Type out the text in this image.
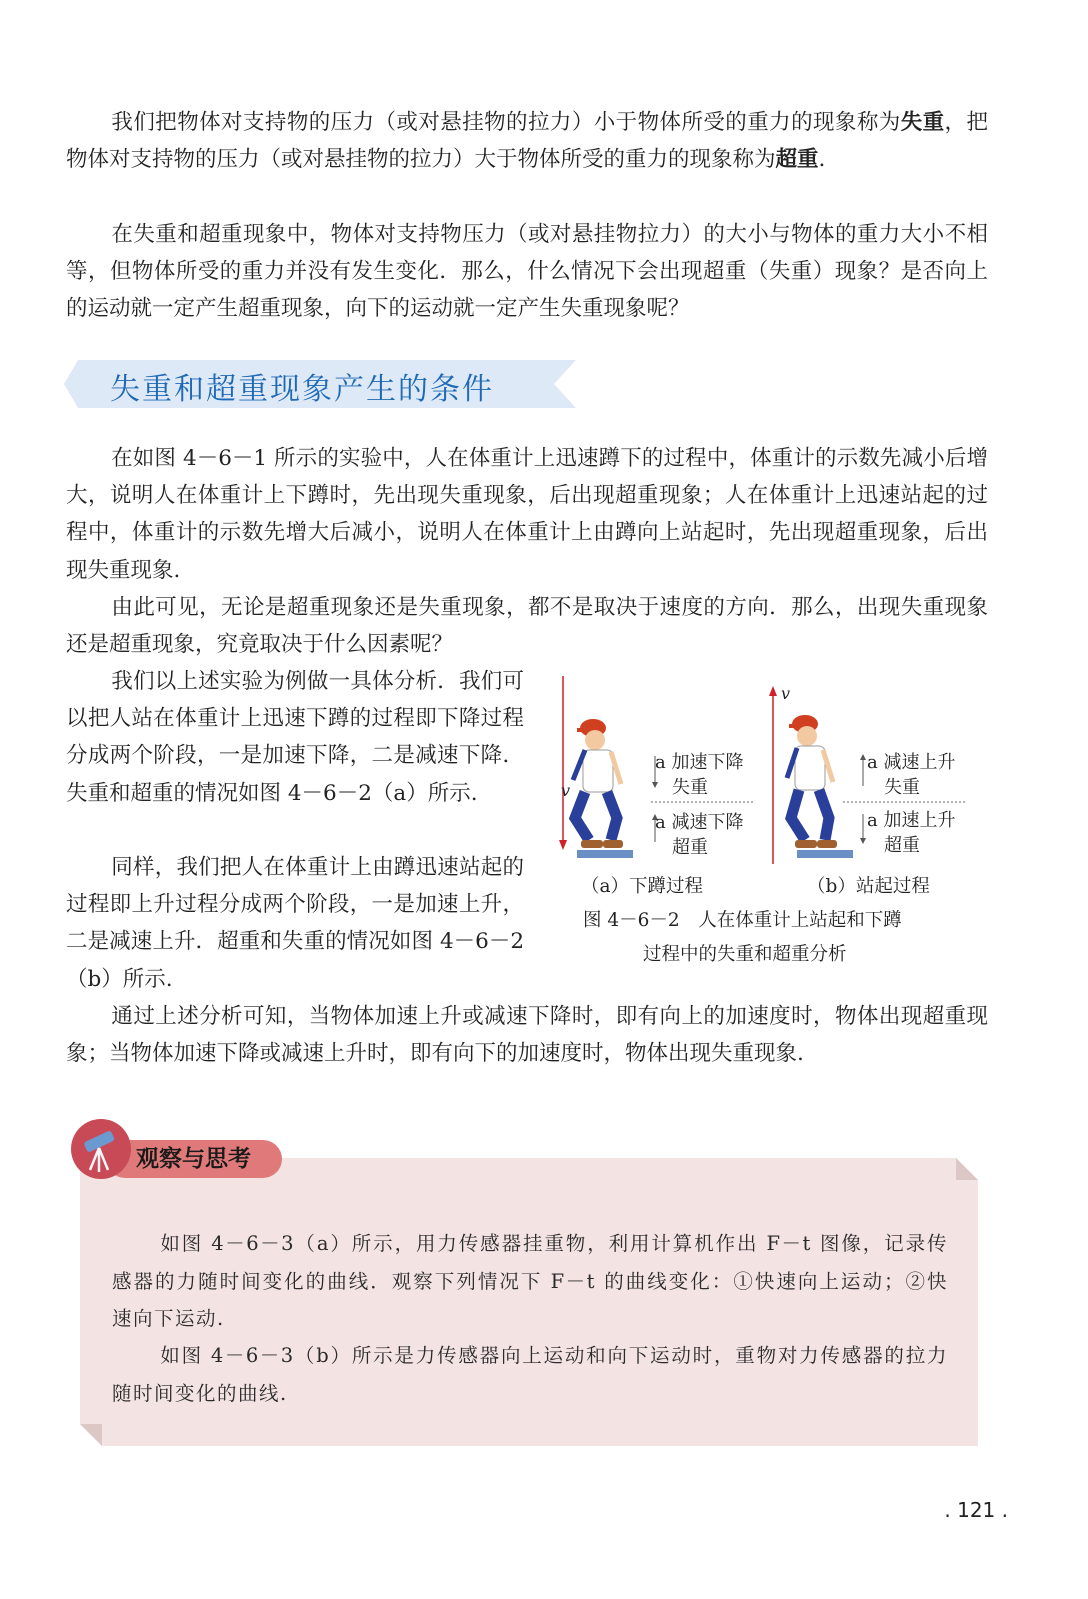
我们把物体对支持物的压力（或对悬挂物的拉力）小于物体所受的重力的现象称为失重，把物体对支持物的压力（或对悬挂物的拉力）大于物体所受的重力的现象称为超重.

在失重和超重现象中，物体对支持物压力（或对悬挂物拉力）的大小与物体的重力大小不相等，但物体所受的重力并没有发生变化．那么，什么情况下会出现超重（失重）现象？是否向上的运动就一定产生超重现象，向下的运动就一定产生失重现象呢？

失重和超重现象产生的条件

在如图 4－6－1 所示的实验中，人在体重计上迅速蹲下的过程中，体重计的示数先减小后增大，说明人在体重计上下蹲时，先出现失重现象，后出现超重现象；人在体重计上迅速站起的过程中，体重计的示数先增大后减小，说明人在体重计上由蹲向上站起时，先出现超重现象，后出现失重现象.

由此可见，无论是超重现象还是失重现象，都不是取决于速度的方向．那么，出现失重现象还是超重现象，究竟取决于什么因素呢？

我们以上述实验为例做一具体分析．我们可以把人站在体重计上迅速下蹲的过程即下降过程分成两个阶段，一是加速下降，二是减速下降．失重和超重的情况如图 4－6－2（a）所示.

同样，我们把人在体重计上由蹲迅速站起的过程即上升过程分成两个阶段，一是加速上升，二是减速上升．超重和失重的情况如图 4－6－2（b）所示.

v
v
a 加速下降
失重
a 减速下降
超重
a 减速上升
失重
a 加速上升
超重
（a）下蹲过程	（b）站起过程
图 4－6－2　人在体重计上站起和下蹲
过程中的失重和超重分析

通过上述分析可知，当物体加速上升或减速下降时，即有向上的加速度时，物体出现超重现象；当物体加速下降或减速上升时，即有向下的加速度时，物体出现失重现象.

观察与思考

如图 4－6－3（a）所示，用力传感器挂重物，利用计算机作出 F－t 图像，记录传感器的力随时间变化的曲线．观察下列情况下 F－t 的曲线变化：①快速向上运动；②快速向下运动.

如图 4－6－3（b）所示是力传感器向上运动和向下运动时，重物对力传感器的拉力随时间变化的曲线.

. 121 .
